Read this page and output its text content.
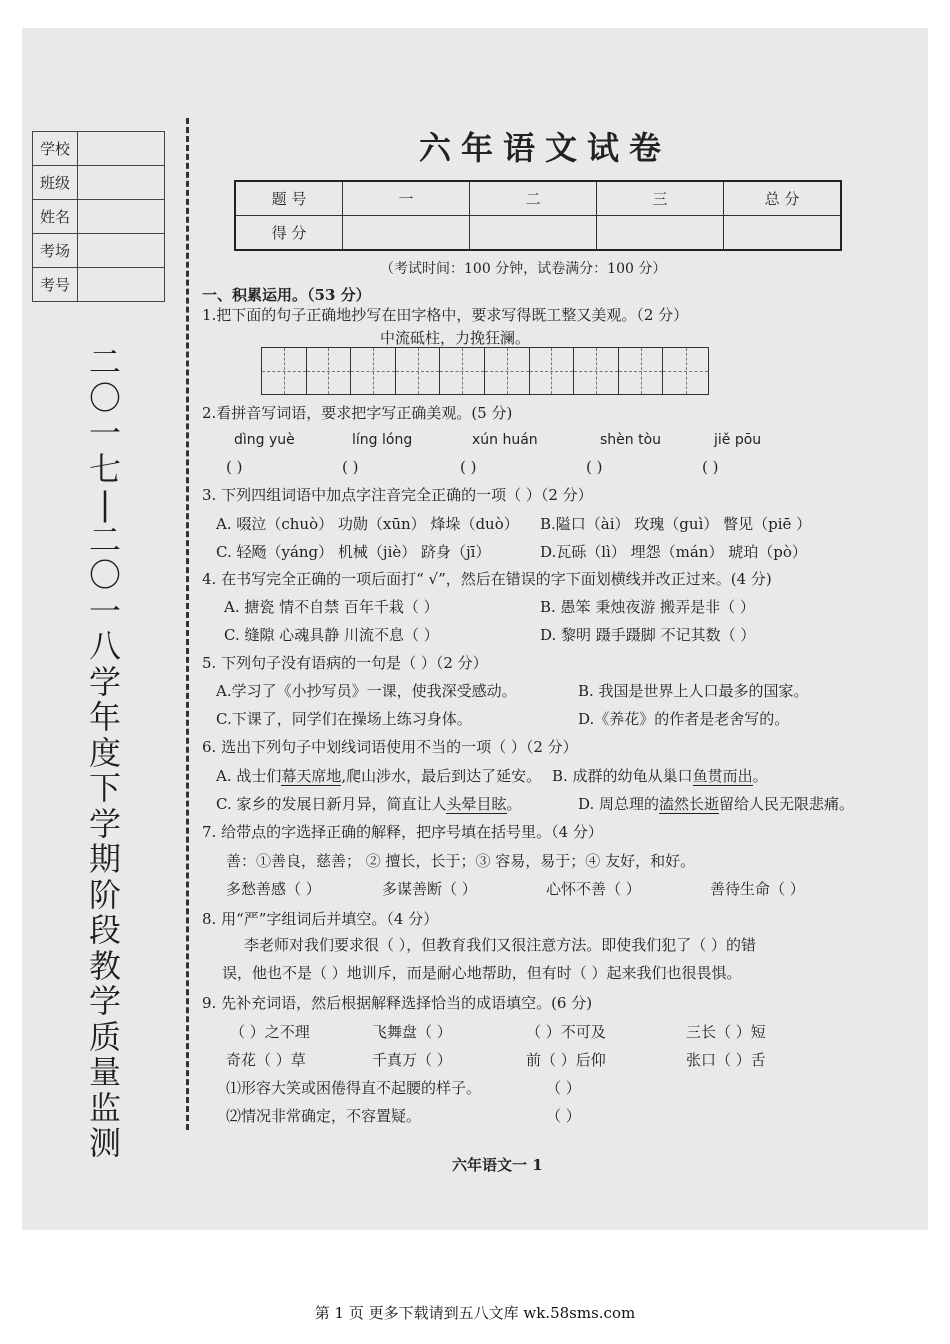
学校	
班级	
姓名	
考场	
考号	
二
〇
一
七
|
二
〇
一
八
学
年
度
下
学
期
阶
段
教
学
质
量
监
测
六年语文试卷
题 号	一	二	三	总 分
得 分				
（考试时间：100 分钟，试卷满分：100 分）
一、积累运用。（53 分）
1.把下面的句子正确地抄写在田字格中，要求写得既工整又美观。（2 分）
中流砥柱，力挽狂澜。
2.看拼音写词语，要求把字写正确美观。(5 分)
dìng yuè	líng lóng	xún huán	shèn tòu	jiě pōu
( )	( )	( )	( )	( )
3. 下列四组词语中加点字注音完全正确的一项（ ）（2 分）
A. 啜泣（chuò） 功勋（xūn） 烽垛（duò） B.隘口（ài） 玫瑰（guì） 瞥见（piē ）
C. 轻飏（yáng） 机械（jiè） 跻身（jī）	D.瓦砾（lì） 埋怨（mán） 琥珀（pò）
4. 在书写完全正确的一项后面打“ √”，然后在错误的字下面划横线并改正过来。(4 分)
A. 搪瓷 情不自禁 百年千栽（ ）	B. 愚笨 秉烛夜游 搬弄是非（ ）
C. 缝隙 心魂具静 川流不息（ ）	D. 黎明 蹑手蹑脚 不记其数（ ）
5. 下列句子没有语病的一句是（ ）（2 分）
A.学习了《小抄写员》一课，使我深受感动。	B. 我国是世界上人口最多的国家。
C.下课了，同学们在操场上练习身体。	D.《养花》的作者是老舍写的。
6. 选出下列句子中划线词语使用不当的一项（ ）（2 分）
A. 战士们幕天席地,爬山涉水，最后到达了延安。 B. 成群的幼龟从巢口鱼贯而出。
C. 家乡的发展日新月异，简直让人头晕目眩。	D. 周总理的溘然长逝留给人民无限悲痛。
7. 给带点的字选择正确的解释，把序号填在括号里。（4 分）
善：①善良，慈善； ② 擅长，长于；③ 容易，易于；④ 友好，和好。
多愁善感（ ）	多谋善断（ ）	心怀不善（ ）	善待生命（ ）
8. 用“严”字组词后并填空。（4 分）
李老师对我们要求很（ ），但教育我们又很注意方法。即使我们犯了（ ）的错
误，他也不是（ ）地训斥，而是耐心地帮助，但有时（ ）起来我们也很畏惧。
9. 先补充词语，然后根据解释选择恰当的成语填空。(6 分)
（ ）之不理	飞舞盘（ ）	（ ）不可及	三长（ ）短
奇花（ ）草	千真万（ ）	前（ ）后仰	张口（ ）舌
⑴形容大笑或困倦得直不起腰的样子。	（ ）
⑵情况非常确定，不容置疑。	（ ）
六年语文一 1
第 1 页 更多下载请到五八文库 wk.58sms.com
